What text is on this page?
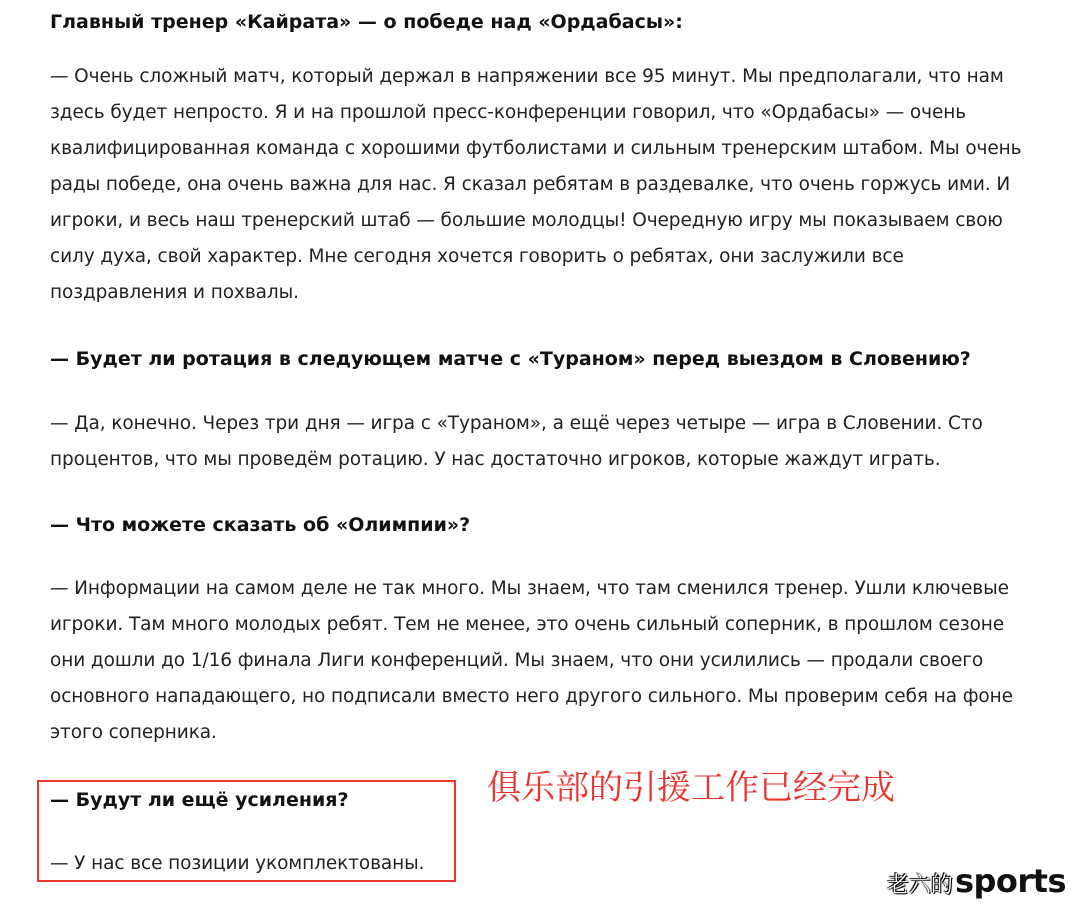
Главный тренер «Кайрата» — о победе над «Ордабасы»:
— Очень сложный матч, который держал в напряжении все 95 минут. Мы предполагали, что нам здесь будет непросто. Я и на прошлой пресс-конференции говорил, что «Ордабасы» — очень квалифицированная команда с хорошими футболистами и сильным тренерским штабом. Мы очень рады победе, она очень важна для нас. Я сказал ребятам в раздевалке, что очень горжусь ими. И игроки, и весь наш тренерский штаб — большие молодцы! Очередную игру мы показываем свою силу духа, свой характер. Мне сегодня хочется говорить о ребятах, они заслужили все поздравления и похвалы.
— Будет ли ротация в следующем матче с «Тураном» перед выездом в Словению?
— Да, конечно. Через три дня — игра с «Тураном», а ещё через четыре — игра в Словении. Сто процентов, что мы проведём ротацию. У нас достаточно игроков, которые жаждут играть.
— Что можете сказать об «Олимпии»?
— Информации на самом деле не так много. Мы знаем, что там сменился тренер. Ушли ключевые игроки. Там много молодых ребят. Тем не менее, это очень сильный соперник, в прошлом сезоне они дошли до 1/16 финала Лиги конференций. Мы знаем, что они усилились — продали своего основного нападающего, но подписали вместо него другого сильного. Мы проверим себя на фоне этого соперника.
— Будут ли ещё усиления?
— У нас все позиции укомплектованы.
俱乐部的引援工作已经完成
老六的 sports
